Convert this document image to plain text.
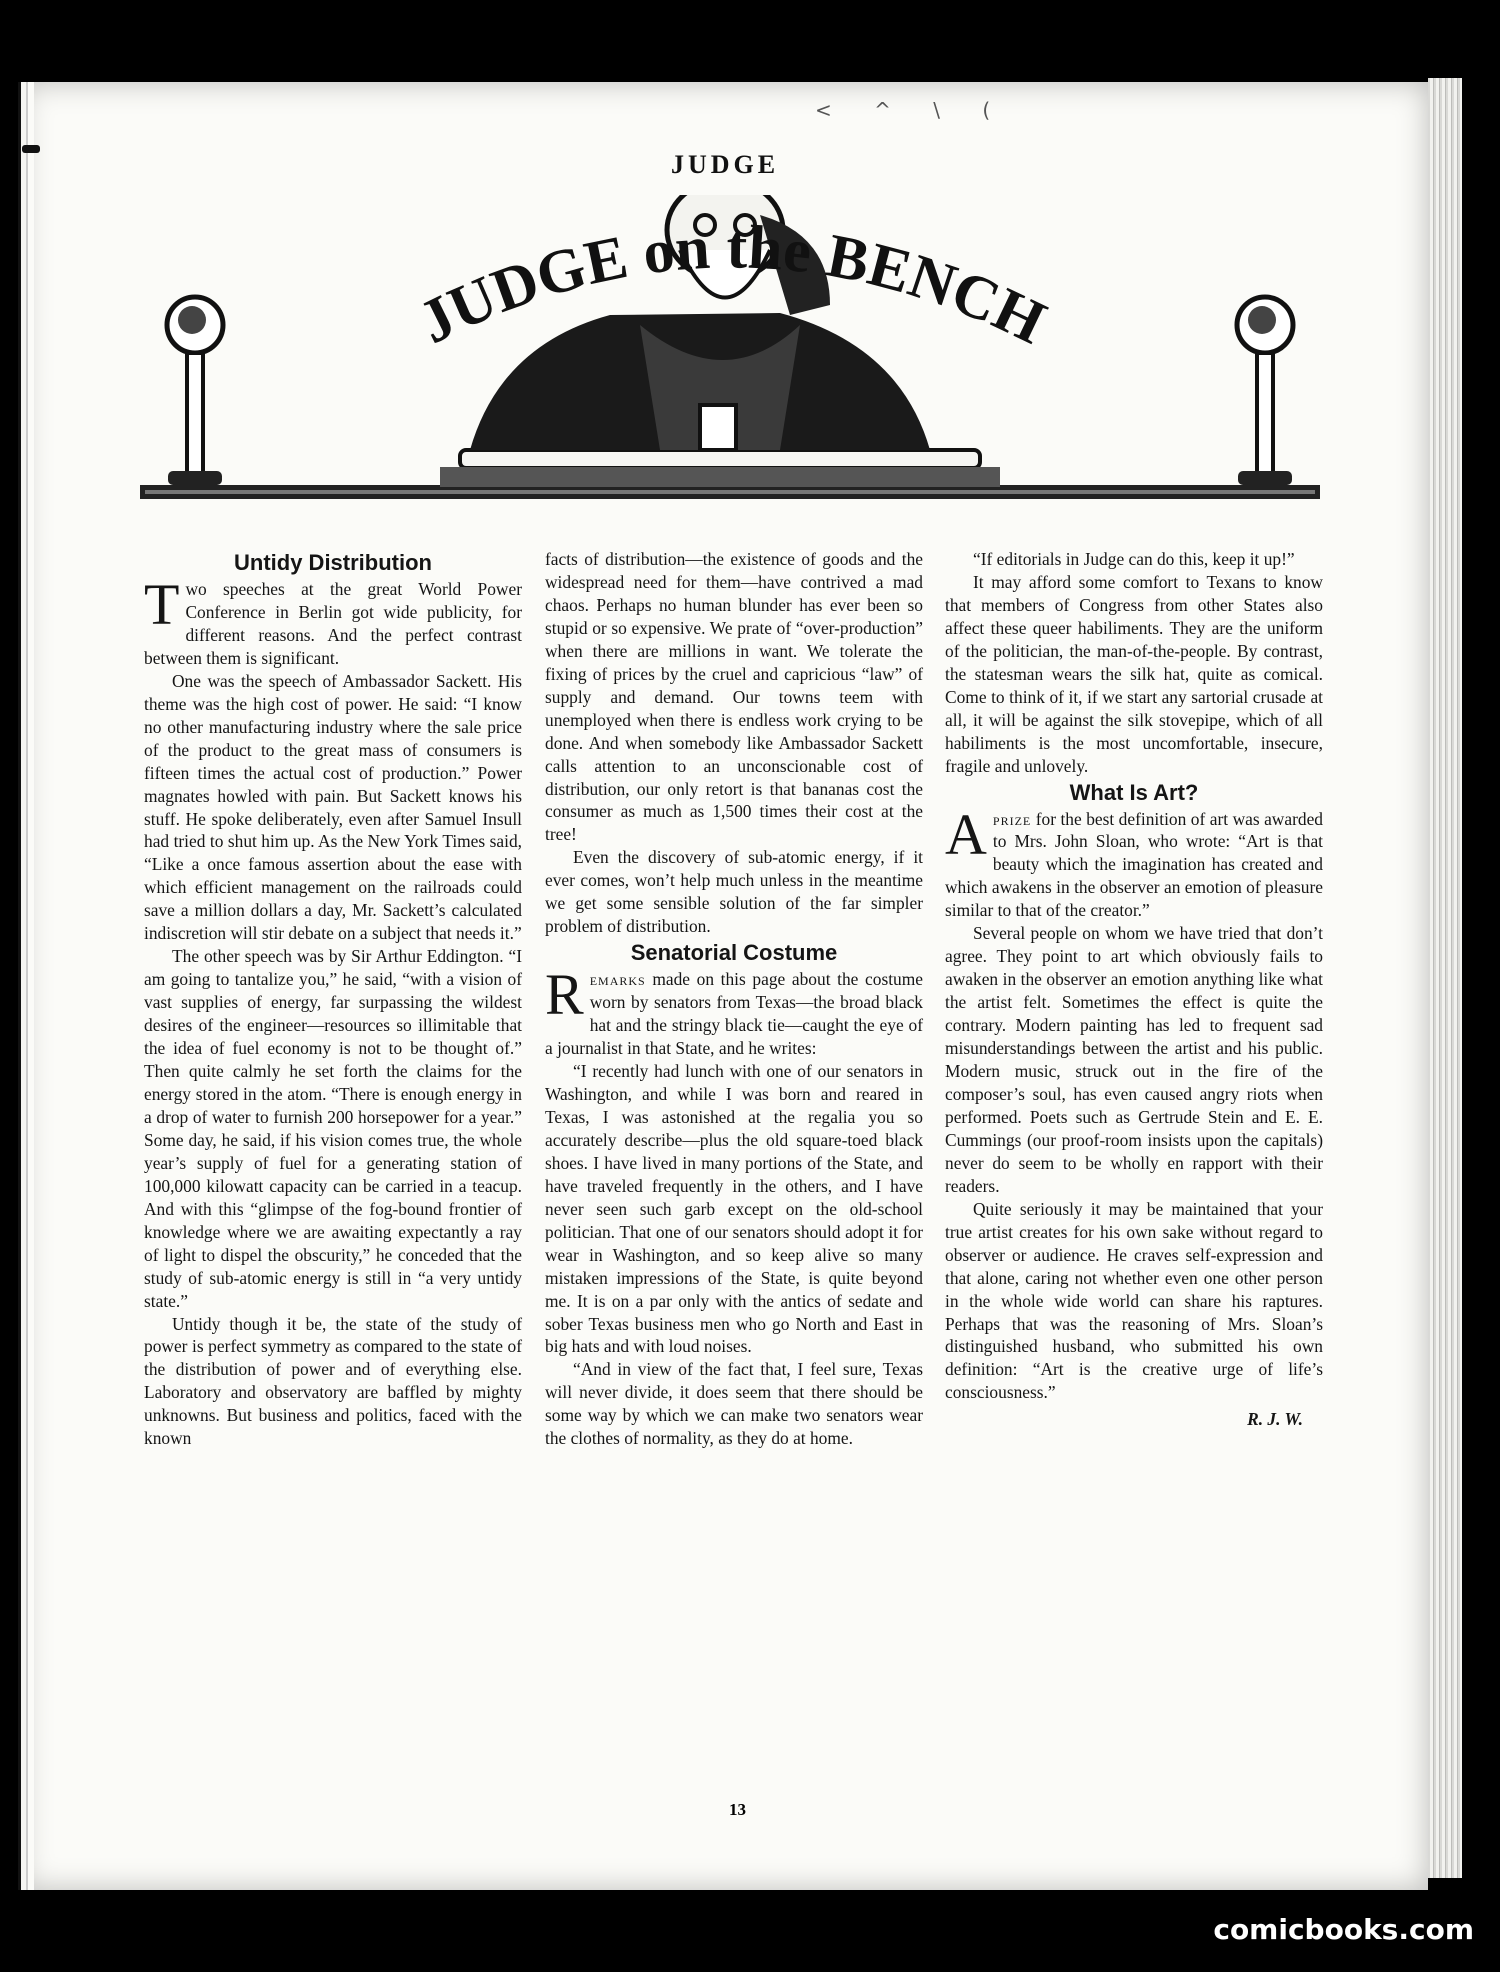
< ^ \ (
JUDGE
JUDGE on the BENCH
Untidy Distribution

Two speeches at the great World Power Conference in Berlin got wide publicity, for different reasons. And the perfect contrast between them is significant.

One was the speech of Ambassador Sackett. His theme was the high cost of power. He said: “I know no other manufacturing industry where the sale price of the product to the great mass of consumers is fifteen times the actual cost of production.” Power magnates howled with pain. But Sackett knows his stuff. He spoke deliberately, even after Samuel Insull had tried to shut him up. As the New York Times said, “Like a once famous assertion about the ease with which efficient management on the railroads could save a million dollars a day, Mr. Sackett’s calculated indiscretion will stir debate on a subject that needs it.”

The other speech was by Sir Arthur Eddington. “I am going to tantalize you,” he said, “with a vision of vast supplies of energy, far surpassing the wildest desires of the engineer—resources so illimitable that the idea of fuel economy is not to be thought of.” Then quite calmly he set forth the claims for the energy stored in the atom. “There is enough energy in a drop of water to furnish 200 horsepower for a year.” Some day, he said, if his vision comes true, the whole year’s supply of fuel for a generating station of 100,000 kilowatt capacity can be carried in a teacup. And with this “glimpse of the fog-bound frontier of knowledge where we are awaiting expectantly a ray of light to dispel the obscurity,” he conceded that the study of sub-atomic energy is still in “a very untidy state.”

Untidy though it be, the state of the study of power is perfect symmetry as compared to the state of the distribution of power and of everything else. Laboratory and observatory are baffled by mighty unknowns. But business and politics, faced with the known

facts of distribution—the existence of goods and the widespread need for them—have contrived a mad chaos. Perhaps no human blunder has ever been so stupid or so expensive. We prate of “over-production” when there are millions in want. We tolerate the fixing of prices by the cruel and capricious “law” of supply and demand. Our towns teem with unemployed when there is endless work crying to be done. And when somebody like Ambassador Sackett calls attention to an unconscionable cost of distribution, our only retort is that bananas cost the consumer as much as 1,500 times their cost at the tree!

Even the discovery of sub-atomic energy, if it ever comes, won’t help much unless in the meantime we get some sensible solution of the far simpler problem of distribution.

Senatorial Costume

Remarks made on this page about the costume worn by senators from Texas—the broad black hat and the stringy black tie—caught the eye of a journalist in that State, and he writes:

“I recently had lunch with one of our senators in Washington, and while I was born and reared in Texas, I was astonished at the regalia you so accurately describe—plus the old square-toed black shoes. I have lived in many portions of the State, and have traveled frequently in the others, and I have never seen such garb except on the old-school politician. That one of our senators should adopt it for wear in Washington, and so keep alive so many mistaken impressions of the State, is quite beyond me. It is on a par only with the antics of sedate and sober Texas business men who go North and East in big hats and with loud noises.

“And in view of the fact that, I feel sure, Texas will never divide, it does seem that there should be some way by which we can make two senators wear the clothes of normality, as they do at home.

“If editorials in Judge can do this, keep it up!”

It may afford some comfort to Texans to know that members of Congress from other States also affect these queer habiliments. They are the uniform of the politician, the man-of-the-people. By contrast, the statesman wears the silk hat, quite as comical. Come to think of it, if we start any sartorial crusade at all, it will be against the silk stovepipe, which of all habiliments is the most uncomfortable, insecure, fragile and unlovely.

What Is Art?

Aprize for the best definition of art was awarded to Mrs. John Sloan, who wrote: “Art is that beauty which the imagination has created and which awakens in the observer an emotion of pleasure similar to that of the creator.”

Several people on whom we have tried that don’t agree. They point to art which obviously fails to awaken in the observer an emotion anything like what the artist felt. Sometimes the effect is quite the contrary. Modern painting has led to frequent sad misunderstandings between the artist and his public. Modern music, struck out in the fire of the composer’s soul, has even caused angry riots when performed. Poets such as Gertrude Stein and E. E. Cummings (our proof-room insists upon the capitals) never do seem to be wholly en rapport with their readers.

Quite seriously it may be maintained that your true artist creates for his own sake without regard to observer or audience. He craves self-expression and that alone, caring not whether even one other person in the whole wide world can share his raptures. Perhaps that was the reasoning of Mrs. Sloan’s distinguished husband, who submitted his own definition: “Art is the creative urge of life’s consciousness.”

R. J. W.
13
comicbooks.com
